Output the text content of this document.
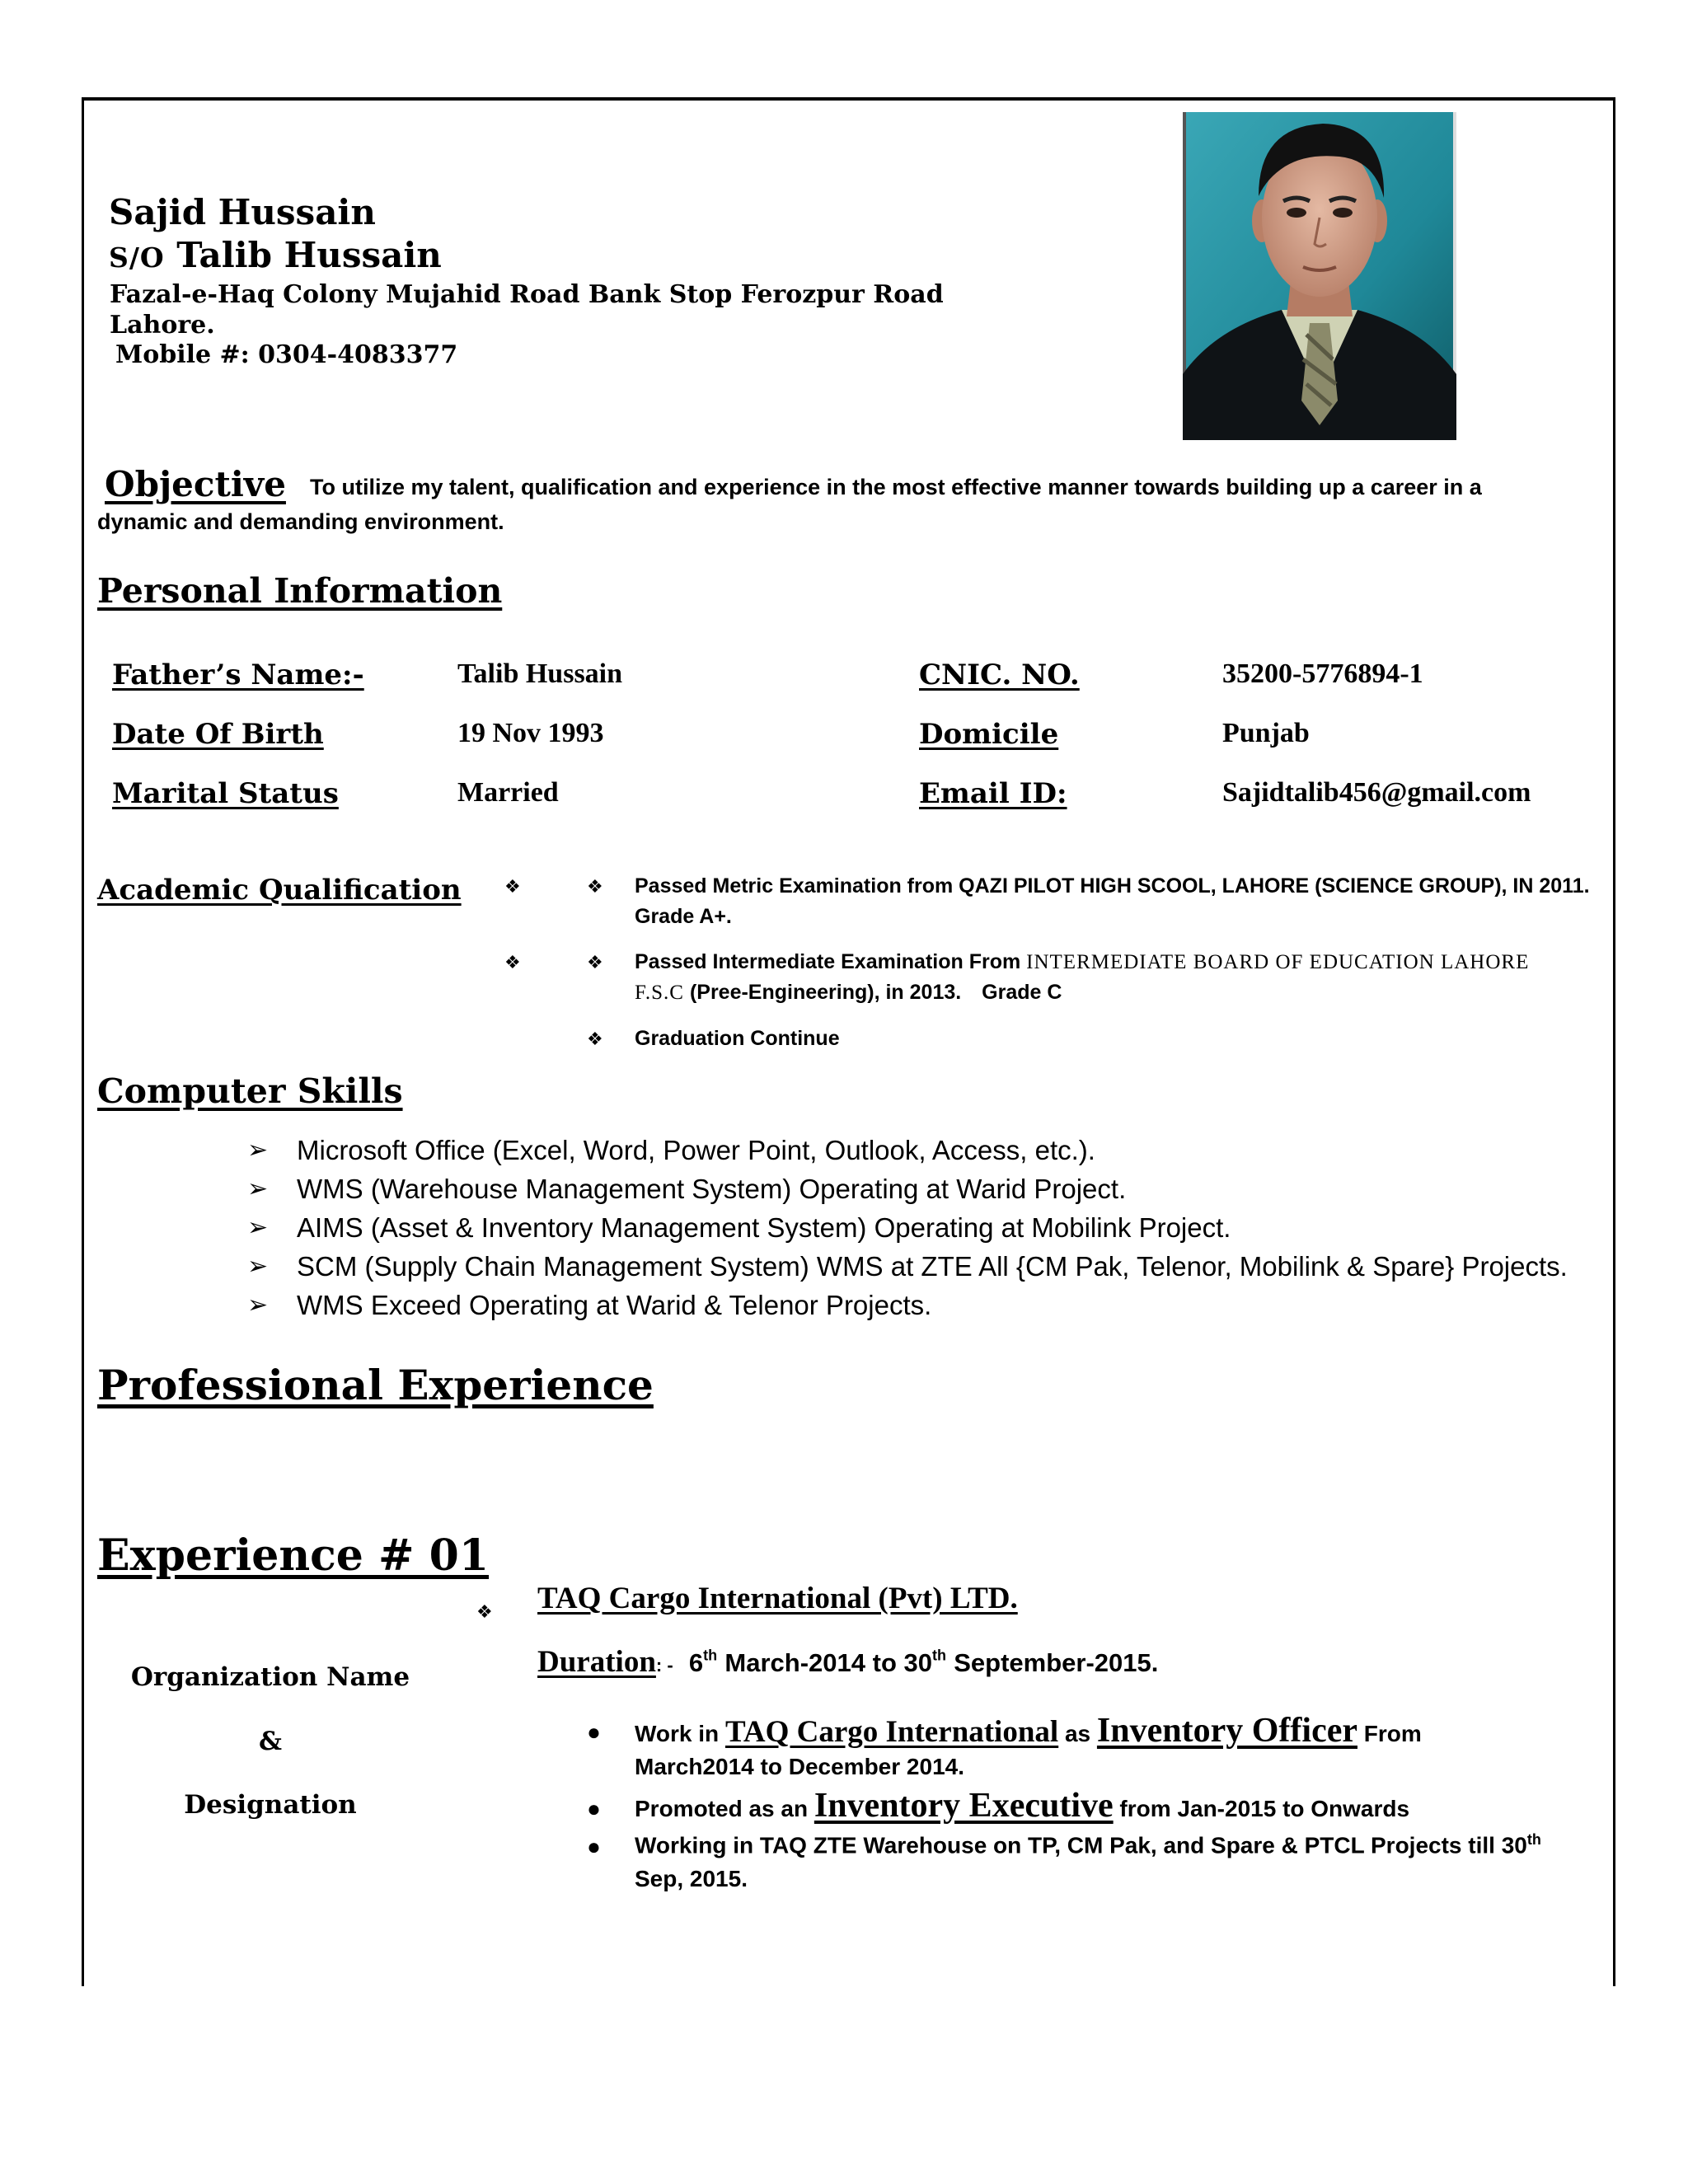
Sajid Hussain
S/O Talib Hussain
Fazal-e-Haq Colony Mujahid Road Bank Stop Ferozpur Road
Lahore.
Mobile #: 0304-4083377
Objective To utilize my talent, qualification and experience in the most effective manner towards building up a career in a
dynamic and demanding environment.
Personal Information
Father’s Name:-	Talib Hussain	CNIC. NO.	35200-5776894-1
Date Of Birth	19 Nov 1993	Domicile	Punjab
Marital Status	Married	Email ID:	Sajidtalib456@gmail.com
Academic Qualification ❖	❖ Passed Metric Examination from QAZI PILOT HIGH SCOOL, LAHORE (SCIENCE GROUP), IN 2011.
Grade A+.
❖	❖ Passed Intermediate Examination From INTERMEDIATE BOARD OF EDUCATION LAHORE
F.S.C (Pree-Engineering), in 2013. Grade C
❖ Graduation Continue
Computer Skills
➢ Microsoft Office (Excel, Word, Power Point, Outlook, Access, etc.).
➢ WMS (Warehouse Management System) Operating at Warid Project.
➢ AIMS (Asset & Inventory Management System) Operating at Mobilink Project.
➢ SCM (Supply Chain Management System) WMS at ZTE All {CM Pak, Telenor, Mobilink & Spare} Projects.
➢ WMS Exceed Operating at Warid & Telenor Projects.
Professional Experience
Experience # 01
Organization Name
&
Designation
❖ TAQ Cargo International (Pvt) LTD.
Duration: - 6th March-2014 to 30th September-2015.
● Work in TAQ Cargo International as Inventory Officer From
March2014 to December 2014.
● Promoted as an Inventory Executive from Jan-2015 to Onwards
● Working in TAQ ZTE Warehouse on TP, CM Pak, and Spare & PTCL Projects till 30th
Sep, 2015.
